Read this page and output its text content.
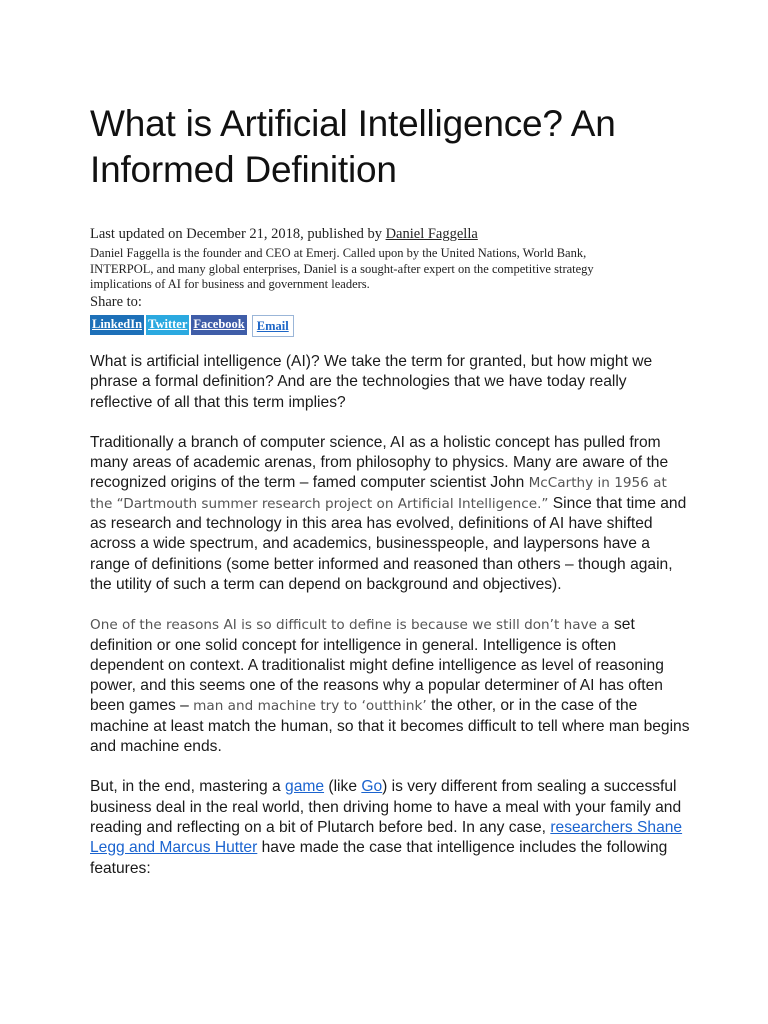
What is Artificial Intelligence? An Informed Definition

Last updated on December 21, 2018, published by Daniel Faggella

Daniel Faggella is the founder and CEO at Emerj. Called upon by the United Nations, World Bank, INTERPOL, and many global enterprises, Daniel is a sought-after expert on the competitive strategy implications of AI for business and government leaders.

Share to:

LinkedIn Twitter Facebook Email

What is artificial intelligence (AI)? We take the term for granted, but how might we phrase a formal definition? And are the technologies that we have today really reflective of all that this term implies?

Traditionally a branch of computer science, AI as a holistic concept has pulled from many areas of academic arenas, from philosophy to physics. Many are aware of the recognized origins of the term – famed computer scientist John McCarthy in 1956 at the “Dartmouth summer research project on Artificial Intelligence.” Since that time and as research and technology in this area has evolved, definitions of AI have shifted across a wide spectrum, and academics, businesspeople, and laypersons have a range of definitions (some better informed and reasoned than others – though again, the utility of such a term can depend on background and objectives).

One of the reasons AI is so difficult to define is because we still don’t have a set definition or one solid concept for intelligence in general. Intelligence is often dependent on context. A traditionalist might define intelligence as level of reasoning power, and this seems one of the reasons why a popular determiner of AI has often been games – man and machine try to ‘outthink’ the other, or in the case of the machine at least match the human, so that it becomes difficult to tell where man begins and machine ends.

But, in the end, mastering a game (like Go) is very different from sealing a successful business deal in the real world, then driving home to have a meal with your family and reading and reflecting on a bit of Plutarch before bed. In any case, researchers Shane Legg and Marcus Hutter have made the case that intelligence includes the following features:
